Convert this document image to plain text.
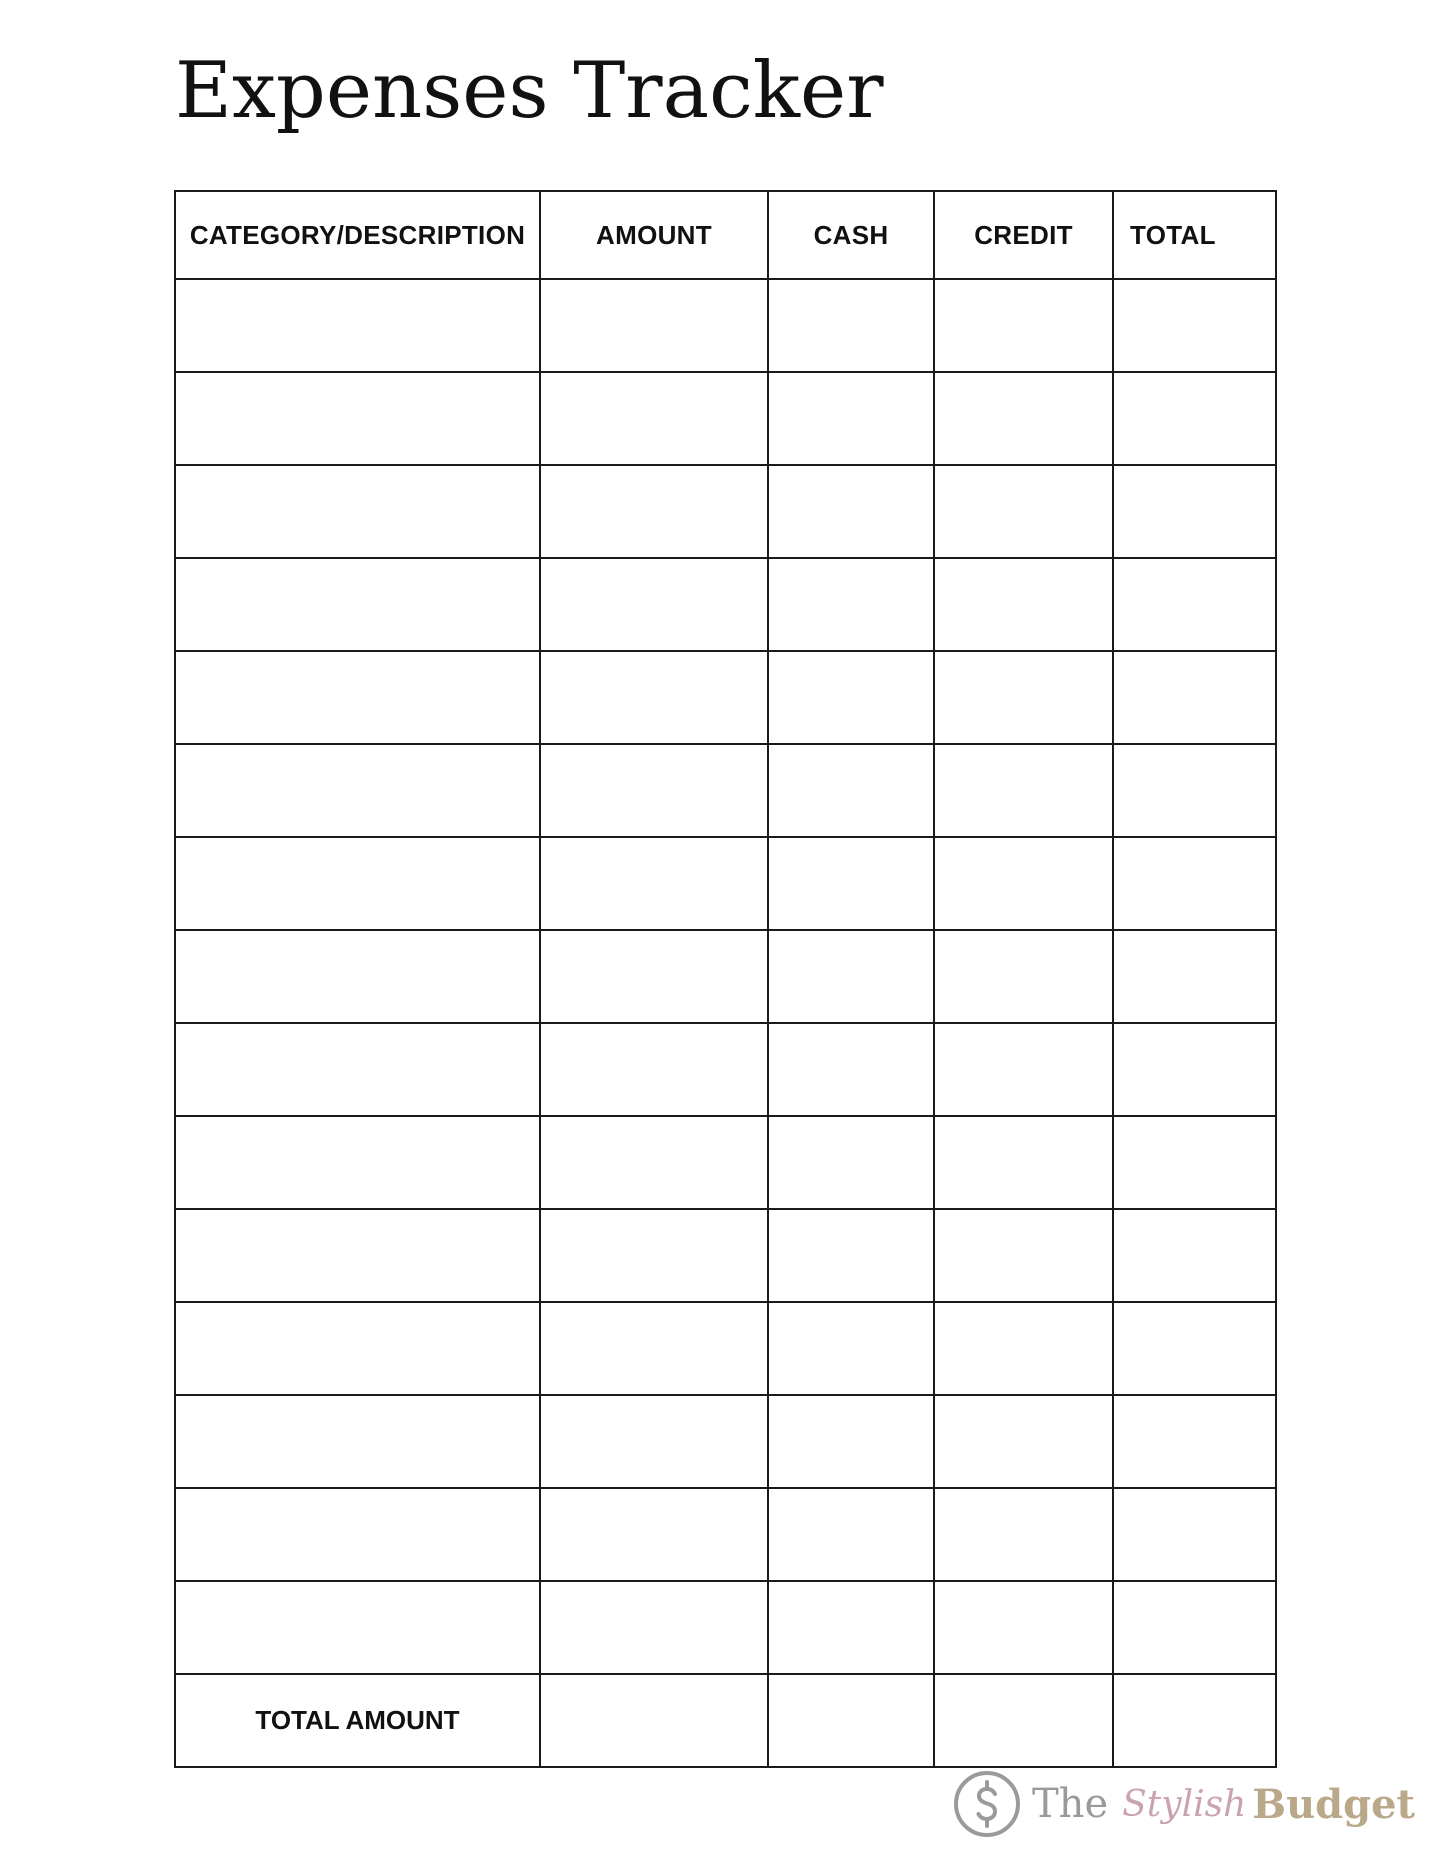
Expenses Tracker
CATEGORY/DESCRIPTION	AMOUNT	CASH	CREDIT	TOTAL

TOTAL AMOUNT				
The Stylish Budget
